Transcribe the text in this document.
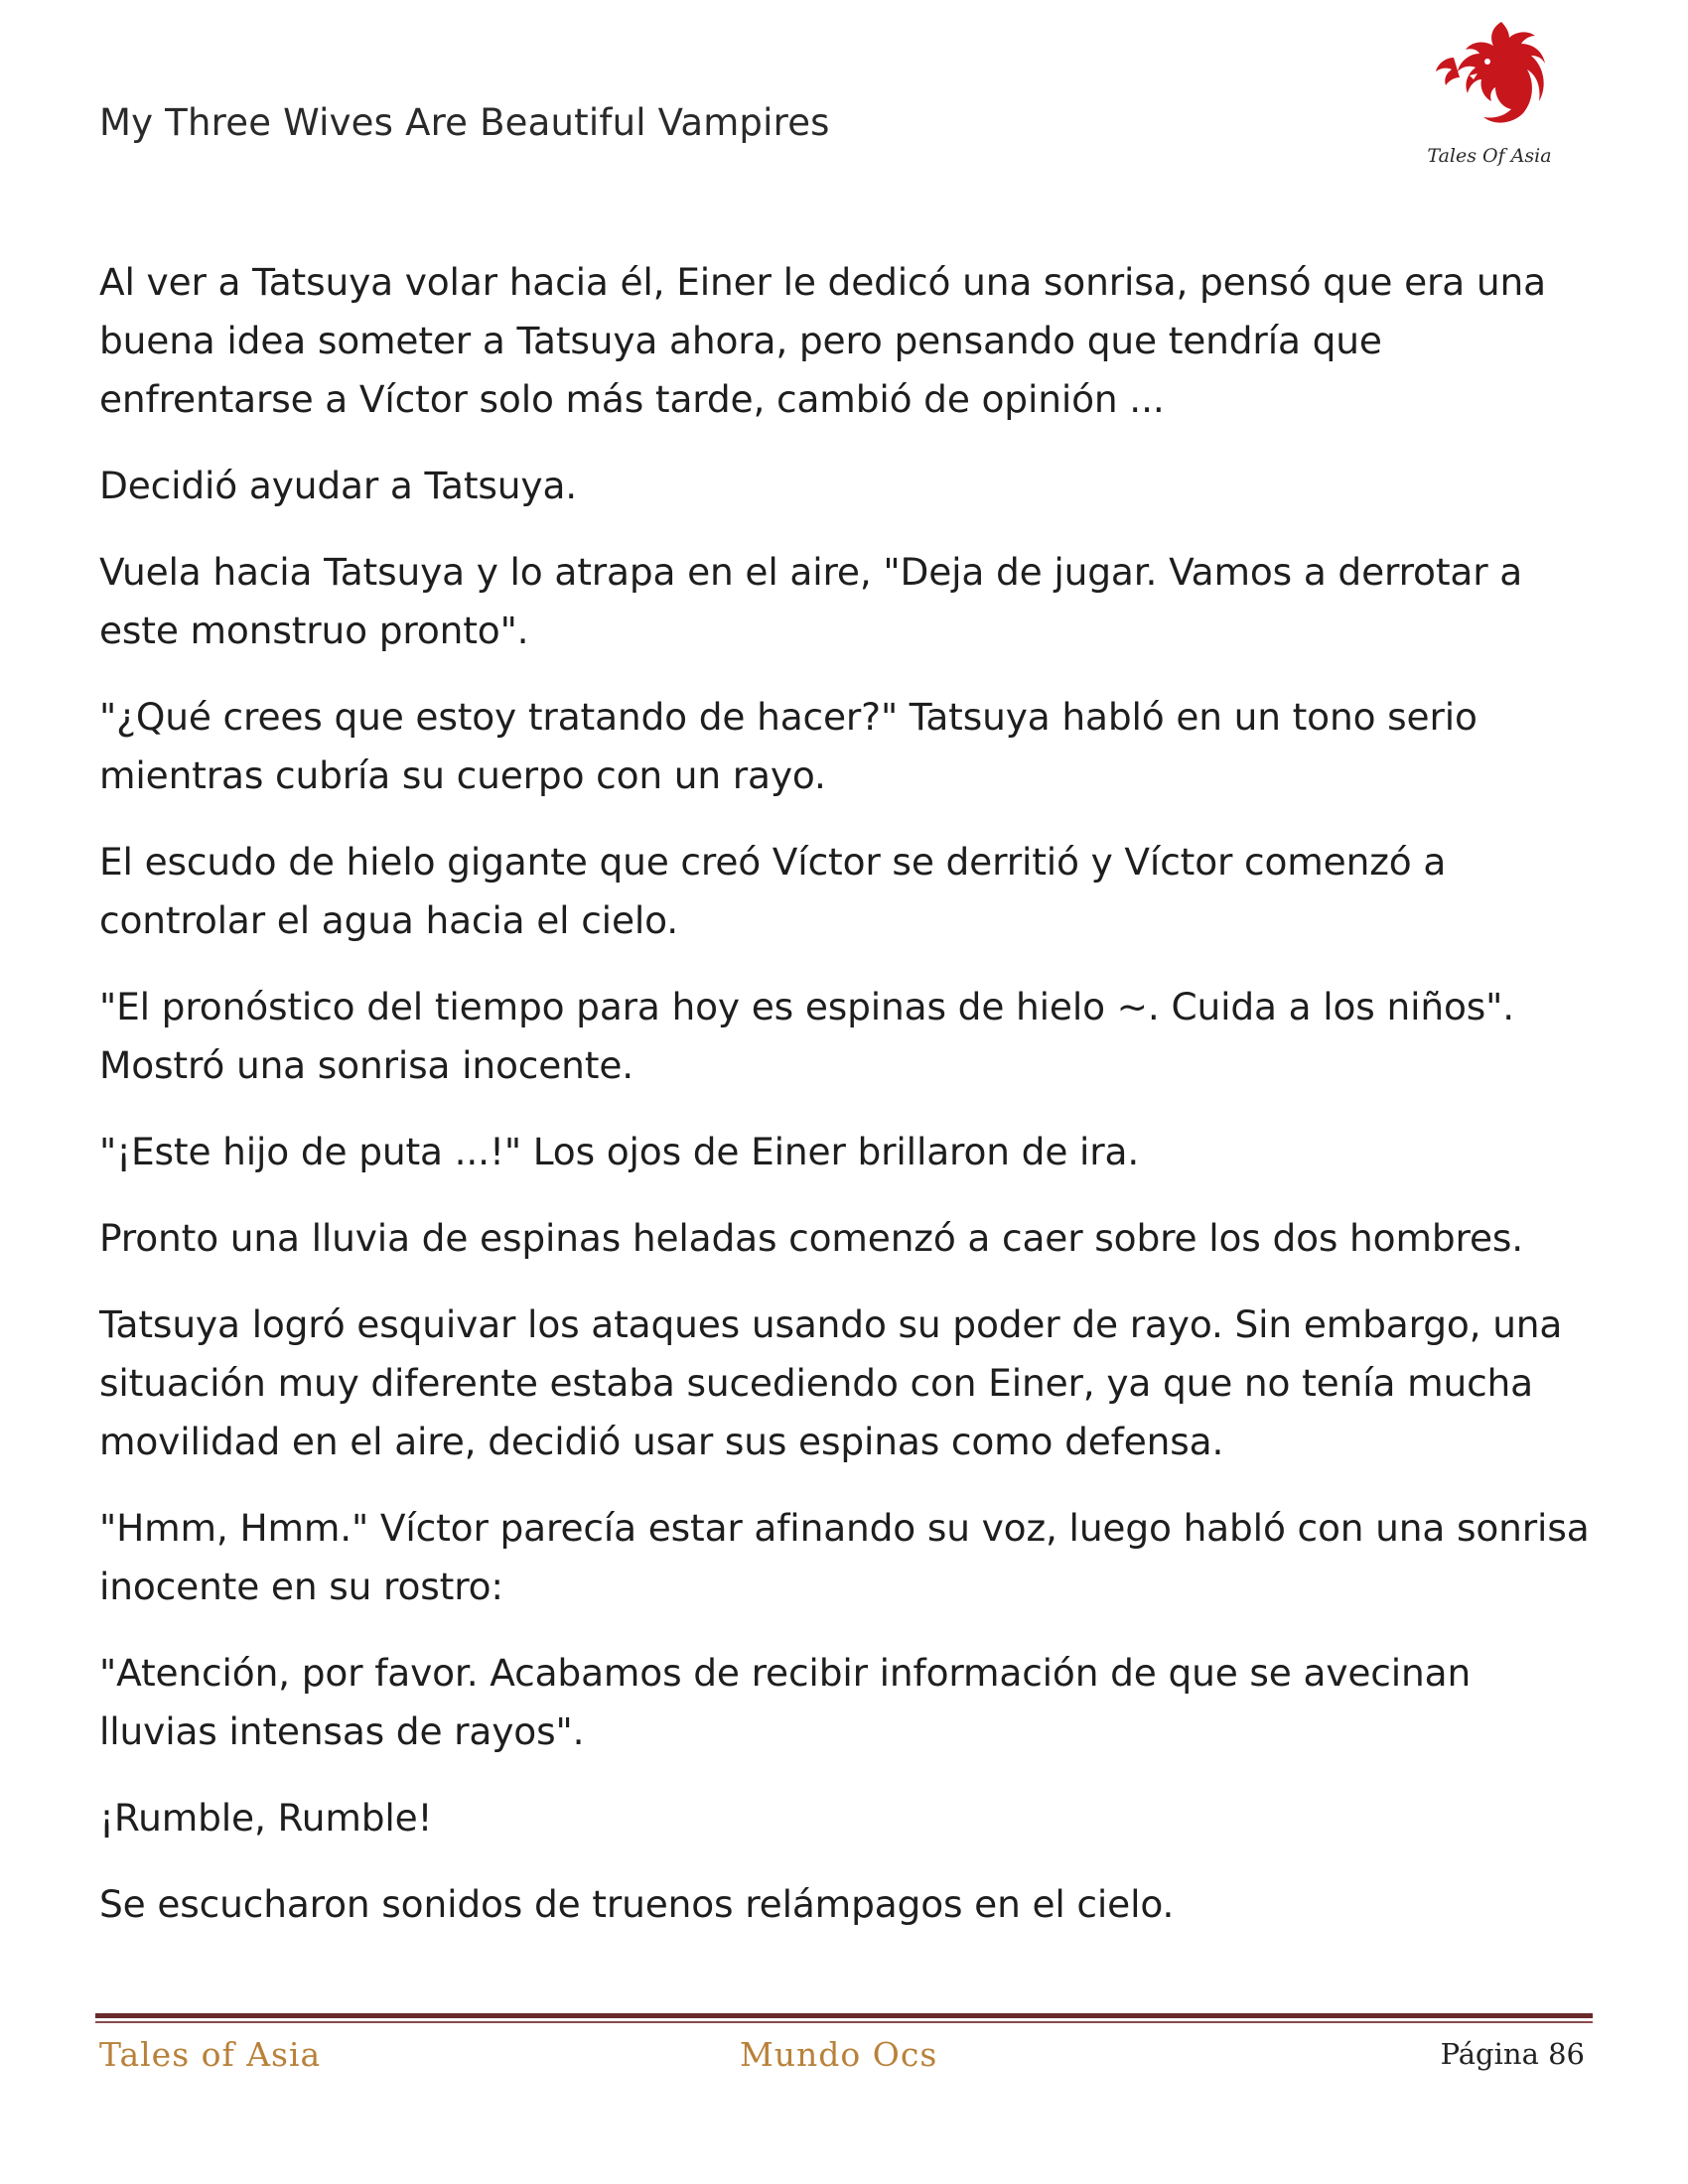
My Three Wives Are Beautiful Vampires
Tales Of Asia

Al ver a Tatsuya volar hacia él, Einer le dedicó una sonrisa, pensó que era una buena idea someter a Tatsuya ahora, pero pensando que tendría que enfrentarse a Víctor solo más tarde, cambió de opinión ...

Decidió ayudar a Tatsuya.

Vuela hacia Tatsuya y lo atrapa en el aire, "Deja de jugar. Vamos a derrotar a este monstruo pronto".

"¿Qué crees que estoy tratando de hacer?" Tatsuya habló en un tono serio mientras cubría su cuerpo con un rayo.

El escudo de hielo gigante que creó Víctor se derritió y Víctor comenzó a controlar el agua hacia el cielo.

"El pronóstico del tiempo para hoy es espinas de hielo ~. Cuida a los niños". Mostró una sonrisa inocente.

"¡Este hijo de puta ...!" Los ojos de Einer brillaron de ira.

Pronto una lluvia de espinas heladas comenzó a caer sobre los dos hombres.

Tatsuya logró esquivar los ataques usando su poder de rayo. Sin embargo, una situación muy diferente estaba sucediendo con Einer, ya que no tenía mucha movilidad en el aire, decidió usar sus espinas como defensa.

"Hmm, Hmm." Víctor parecía estar afinando su voz, luego habló con una sonrisa inocente en su rostro:

"Atención, por favor. Acabamos de recibir información de que se avecinan lluvias intensas de rayos".

¡Rumble, Rumble!

Se escucharon sonidos de truenos relámpagos en el cielo.

Tales of Asia	Mundo Ocs	Página 86
